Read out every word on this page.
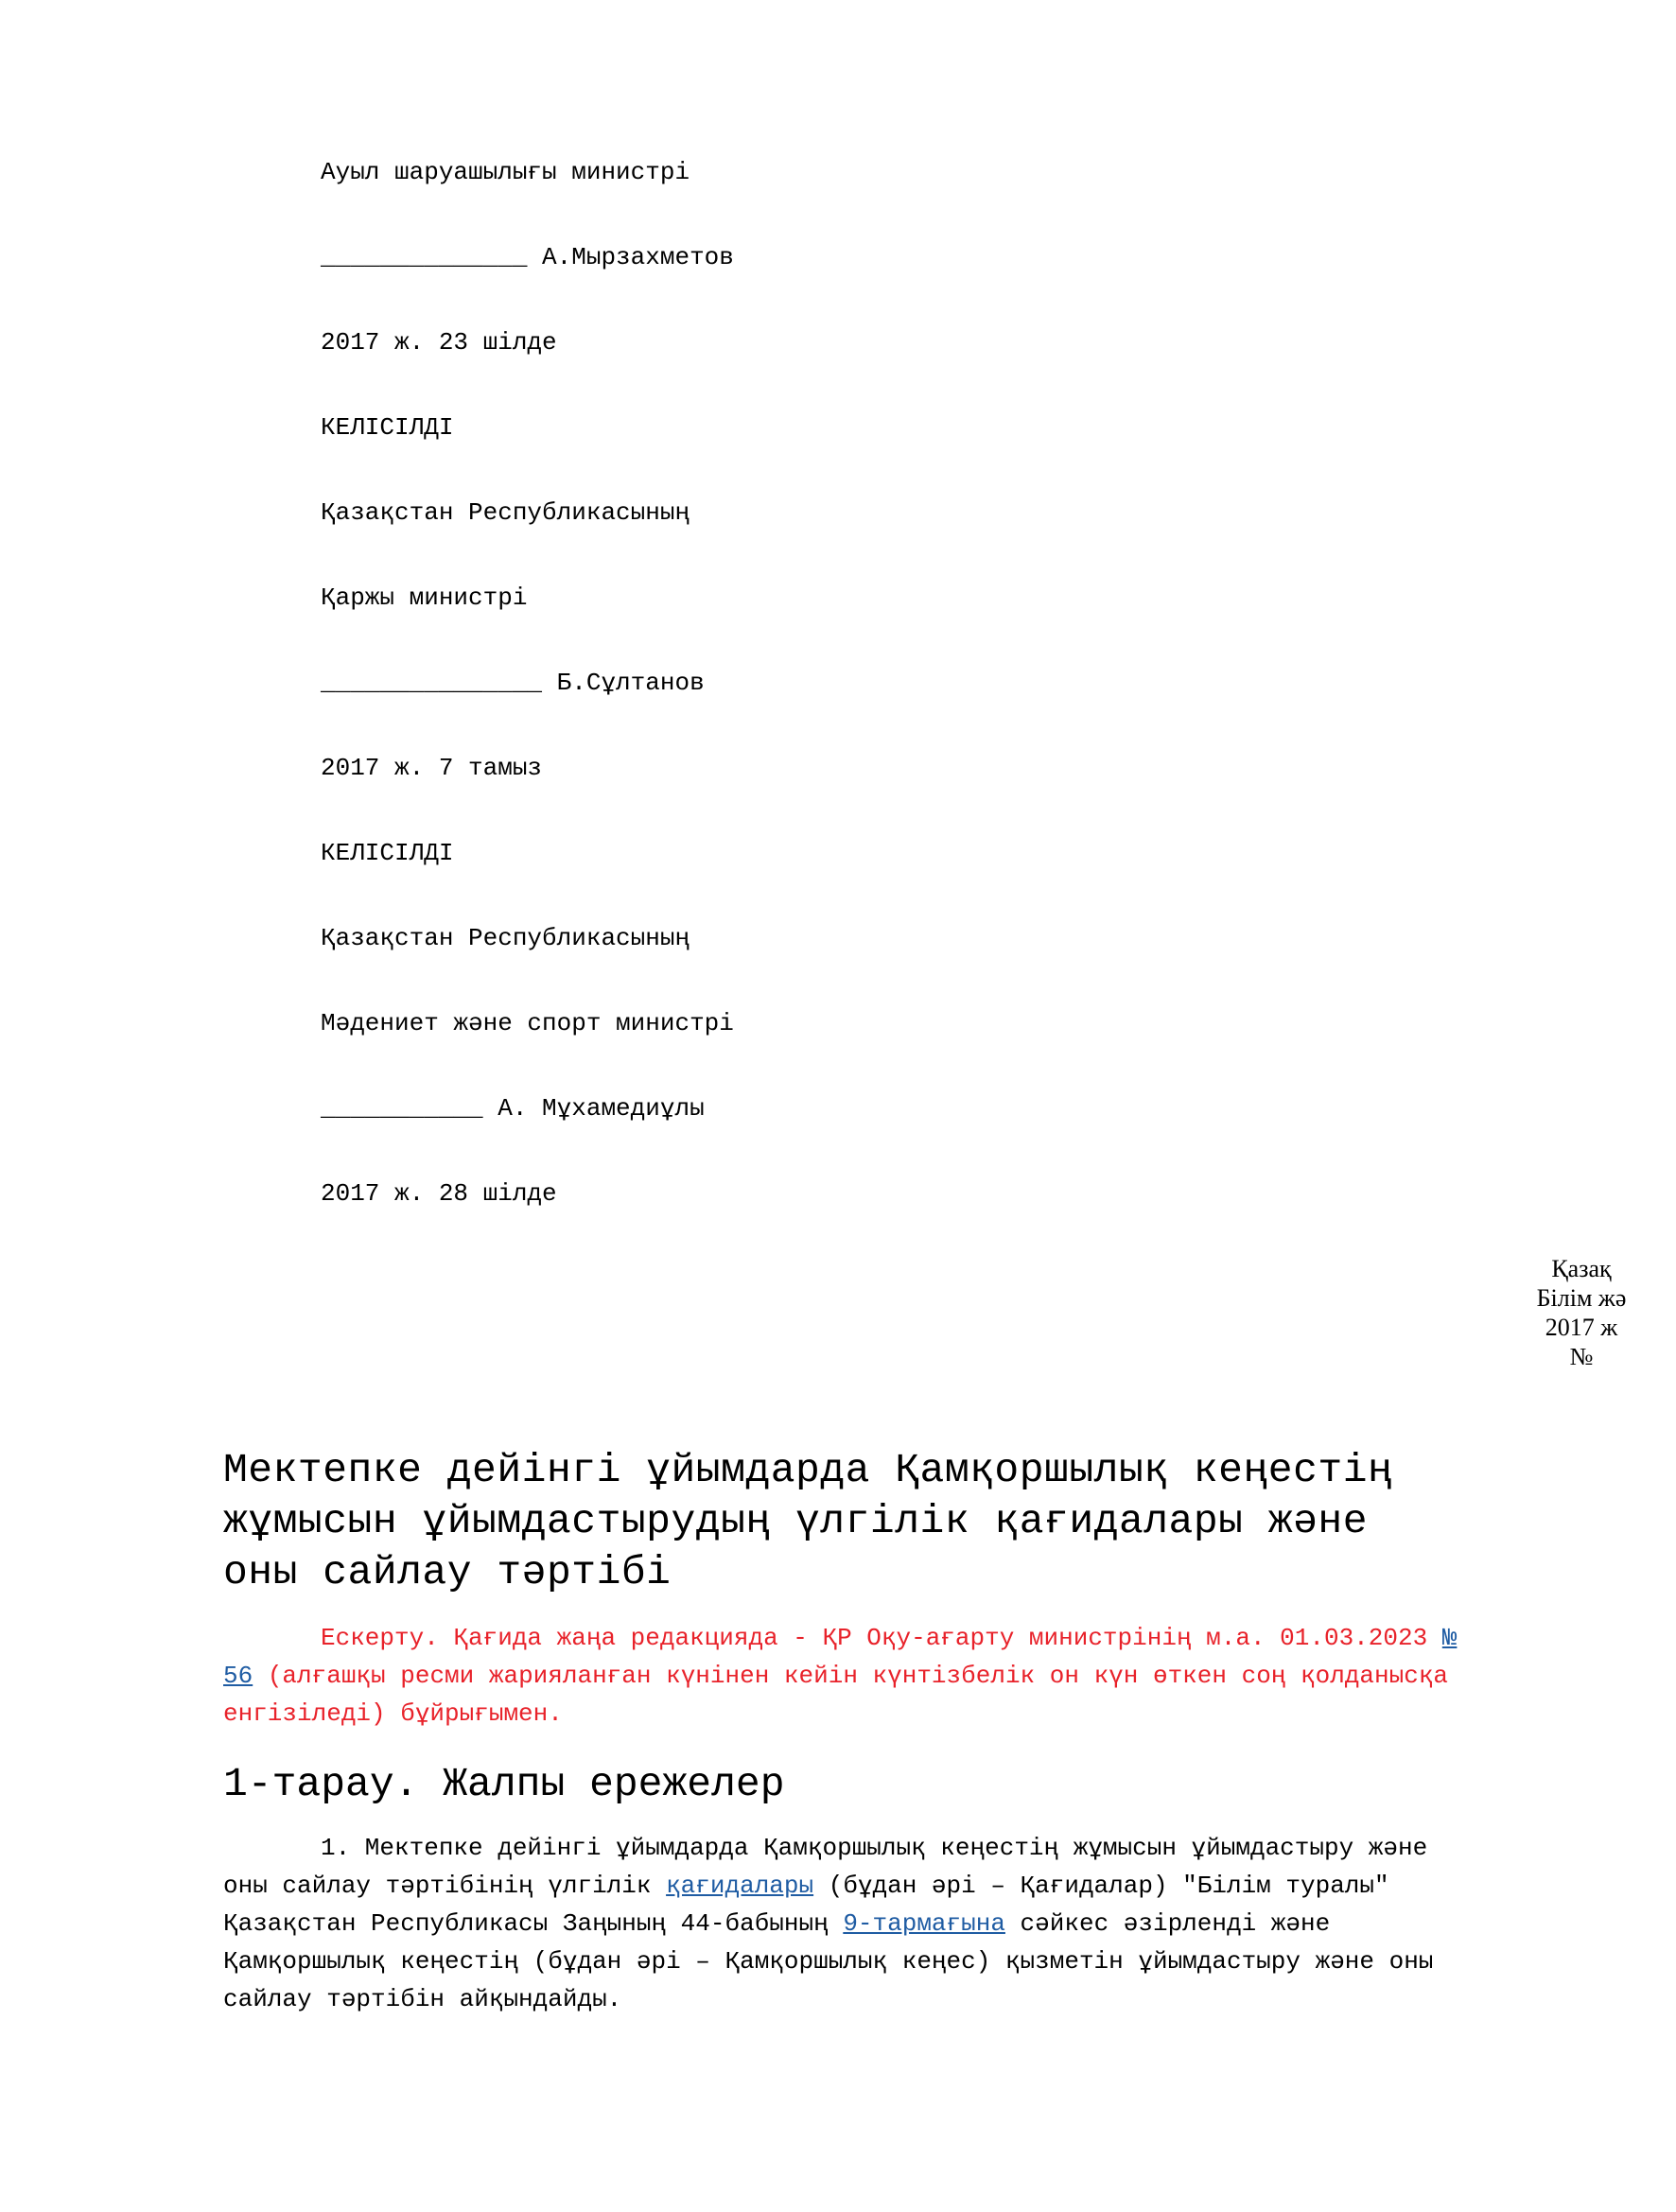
Ауыл шаруашылығы министрі

______________ А.Мырзахметов

2017 ж. 23 шілде

КЕЛІСІЛДІ

Қазақстан Республикасының

Қаржы министрі

_______________ Б.Сұлтанов

2017 ж. 7 тамыз

КЕЛІСІЛДІ

Қазақстан Республикасының

Мәдениет және спорт министрі

___________ А. Мұхамедиұлы

2017 ж. 28 шілде

Қазақ
Білім жә
2017 ж
№
Мектепке дейінгі ұйымдарда Қамқоршылық кеңестің жұмысын ұйымдастырудың үлгілік қағидалары және оны сайлау тәртібі

Ескерту. Қағида жаңа редакцияда - ҚР Оқу-ағарту министрінің м.а. 01.03.2023 № 56 (алғашқы ресми жарияланған күнінен кейін күнтізбелік он күн өткен соң қолданысқа енгізіледі) бұйрығымен.

1-тарау. Жалпы ережелер

1. Мектепке дейінгі ұйымдарда Қамқоршылық кеңестің жұмысын ұйымдастыру және оны сайлау тәртібінің үлгілік қағидалары (бұдан әрі – Қағидалар) "Білім туралы" Қазақстан Республикасы Заңының 44-бабының 9-тармағына сәйкес әзірленді және Қамқоршылық кеңестің (бұдан әрі – Қамқоршылық кеңес) қызметін ұйымдастыру және оны сайлау тәртібін айқындайды.
